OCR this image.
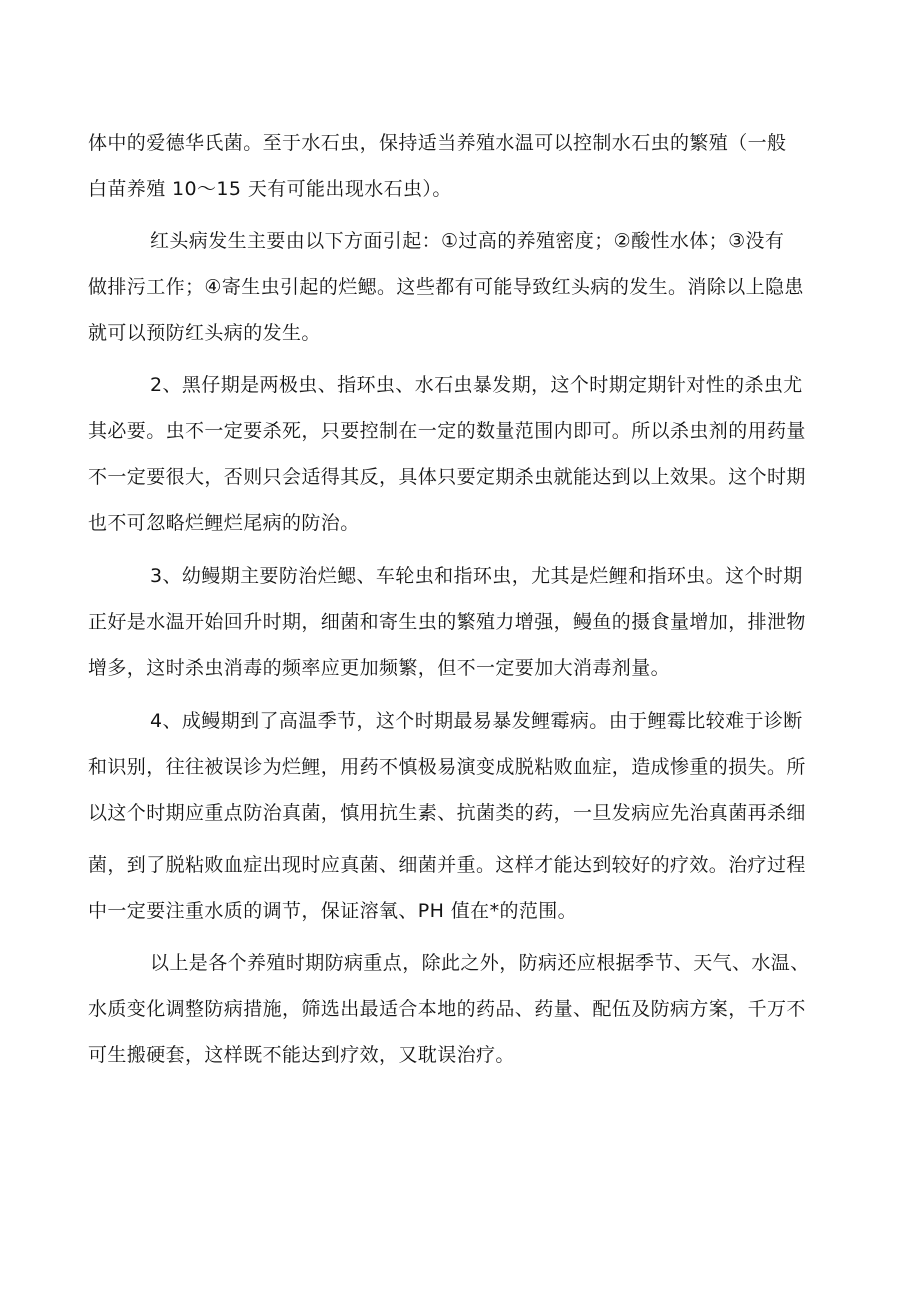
体中的爱德华氏菌。至于水石虫，保持适当养殖水温可以控制水石虫的繁殖（一般
白苗养殖 10～15 天有可能出现水石虫）。
红头病发生主要由以下方面引起：①过高的养殖密度；②酸性水体；③没有
做排污工作；④寄生虫引起的烂鳃。这些都有可能导致红头病的发生。消除以上隐患
就可以预防红头病的发生。
2、黑仔期是两极虫、指环虫、水石虫暴发期，这个时期定期针对性的杀虫尤
其必要。虫不一定要杀死，只要控制在一定的数量范围内即可。所以杀虫剂的用药量
不一定要很大，否则只会适得其反，具体只要定期杀虫就能达到以上效果。这个时期
也不可忽略烂鲤烂尾病的防治。
3、幼鳗期主要防治烂鳃、车轮虫和指环虫，尤其是烂鲤和指环虫。这个时期
正好是水温开始回升时期，细菌和寄生虫的繁殖力增强，鳗鱼的摄食量增加，排泄物
增多，这时杀虫消毒的频率应更加频繁，但不一定要加大消毒剂量。
4、成鳗期到了高温季节，这个时期最易暴发鲤霉病。由于鲤霉比较难于诊断
和识别，往往被误诊为烂鲤，用药不慎极易演变成脱粘败血症，造成惨重的损失。所
以这个时期应重点防治真菌，慎用抗生素、抗菌类的药，一旦发病应先治真菌再杀细
菌，到了脱粘败血症出现时应真菌、细菌并重。这样才能达到较好的疗效。治疗过程
中一定要注重水质的调节，保证溶氧、PH 值在*的范围。
以上是各个养殖时期防病重点，除此之外，防病还应根据季节、天气、水温、
水质变化调整防病措施，筛选出最适合本地的药品、药量、配伍及防病方案，千万不
可生搬硬套，这样既不能达到疗效，又耽误治疗。
